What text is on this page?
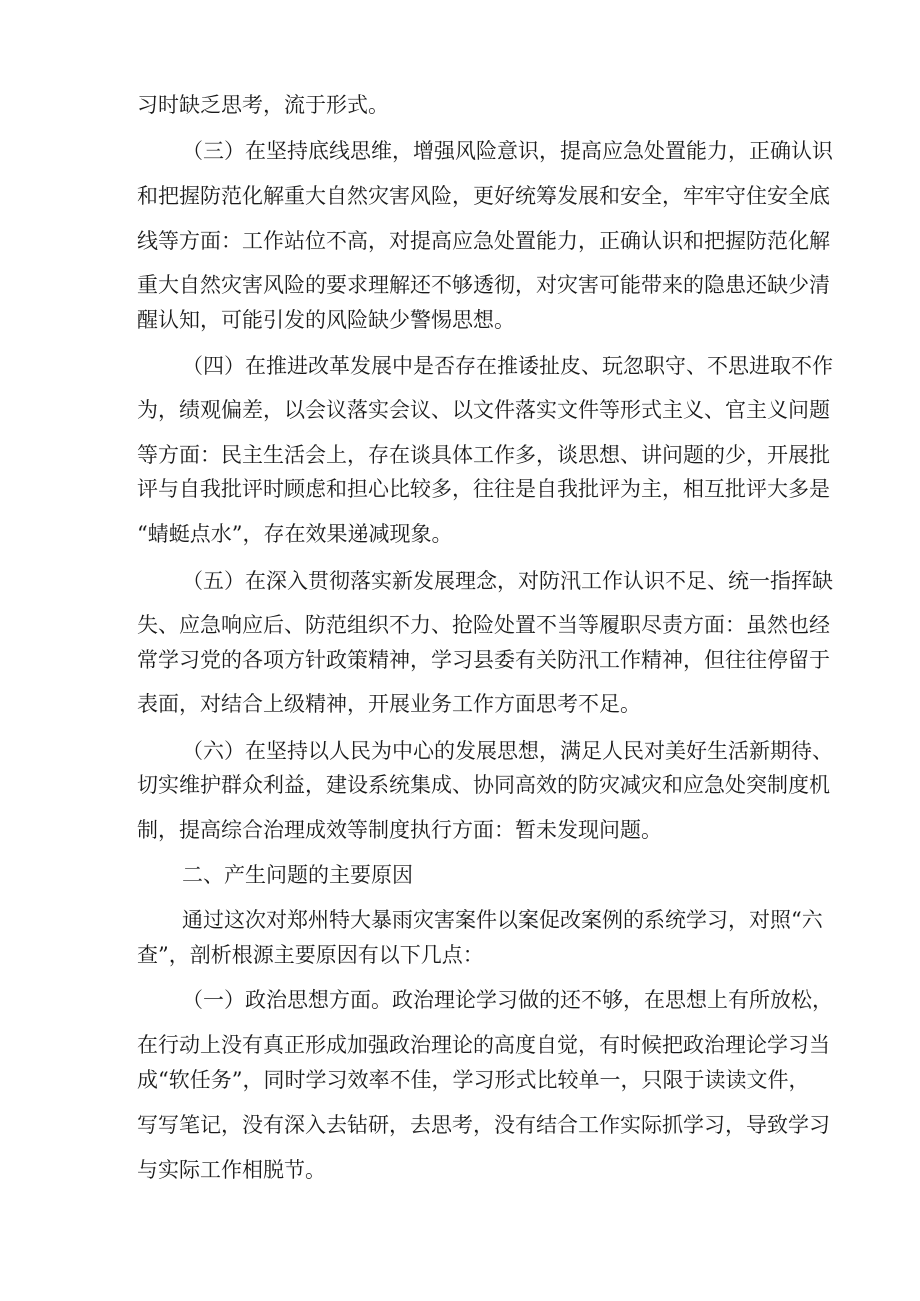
习时缺乏思考，流于形式。
（三）在坚持底线思维，增强风险意识，提高应急处置能力，正确认识
和把握防范化解重大自然灾害风险，更好统筹发展和安全，牢牢守住安全底
线等方面：工作站位不高，对提高应急处置能力，正确认识和把握防范化解
重大自然灾害风险的要求理解还不够透彻，对灾害可能带来的隐患还缺少清
醒认知，可能引发的风险缺少警惕思想。
（四）在推进改革发展中是否存在推诿扯皮、玩忽职守、不思进取不作
为，绩观偏差，以会议落实会议、以文件落实文件等形式主义、官主义问题
等方面：民主生活会上，存在谈具体工作多，谈思想、讲问题的少，开展批
评与自我批评时顾虑和担心比较多，往往是自我批评为主，相互批评大多是
“蜻蜓点水”，存在效果递减现象。
（五）在深入贯彻落实新发展理念，对防汛工作认识不足、统一指挥缺
失、应急响应后、防范组织不力、抢险处置不当等履职尽责方面：虽然也经
常学习党的各项方针政策精神，学习县委有关防汛工作精神，但往往停留于
表面，对结合上级精神，开展业务工作方面思考不足。
（六）在坚持以人民为中心的发展思想，满足人民对美好生活新期待、
切实维护群众利益，建设系统集成、协同高效的防灾减灾和应急处突制度机
制，提高综合治理成效等制度执行方面：暂未发现问题。
二、产生问题的主要原因
通过这次对郑州特大暴雨灾害案件以案促改案例的系统学习，对照“六
查”，剖析根源主要原因有以下几点：
（一）政治思想方面。政治理论学习做的还不够，在思想上有所放松，
在行动上没有真正形成加强政治理论的高度自觉，有时候把政治理论学习当
成“软任务”，同时学习效率不佳，学习形式比较单一，只限于读读文件，
写写笔记，没有深入去钻研，去思考，没有结合工作实际抓学习，导致学习
与实际工作相脱节。
